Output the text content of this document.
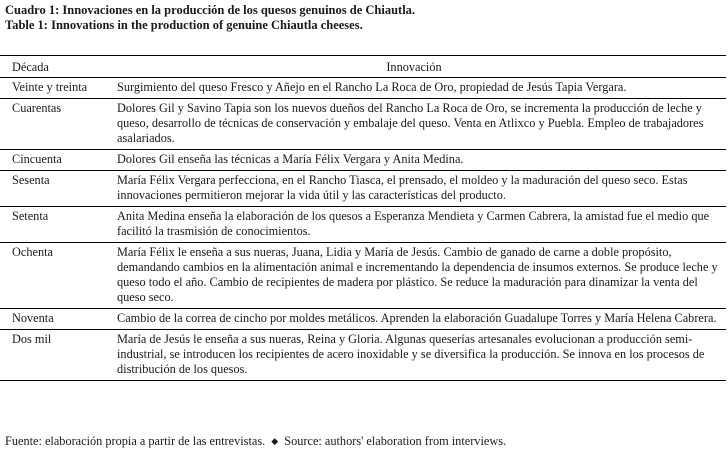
Cuadro 1: Innovaciones en la producción de los quesos genuinos de Chiautla.
Table 1: Innovations in the production of genuine Chiautla cheeses.
Década	Innovación
Veinte y treinta	Surgimiento del queso Fresco y Añejo en el Rancho La Roca de Oro, propiedad de Jesús Tapia Vergara.
Cuarentas	Dolores Gil y Savino Tapia son los nuevos dueños del Rancho La Roca de Oro, se incrementa la producción de leche y queso, desarrollo de técnicas de conservación y embalaje del queso. Venta en Atlixco y Puebla. Empleo de trabajadores asalariados.
Cincuenta	Dolores Gil enseña las técnicas a María Félix Vergara y Anita Medina.
Sesenta	María Félix Vergara perfecciona, en el Rancho Tiasca, el prensado, el moldeo y la maduración del queso seco. Estas innovaciones permitieron mejorar la vida útil y las características del producto.
Setenta	Anita Medina enseña la elaboración de los quesos a Esperanza Mendieta y Carmen Cabrera, la amistad fue el medio que facilitó la trasmisión de conocimientos.
Ochenta	María Félix le enseña a sus nueras, Juana, Lidia y María de Jesús. Cambio de ganado de carne a doble propósito, demandando cambios en la alimentación animal e incrementando la dependencia de insumos externos. Se produce leche y queso todo el año. Cambio de recipientes de madera por plástico. Se reduce la maduración para dinamizar la venta del queso seco.
Noventa	Cambio de la correa de cincho por moldes metálicos. Aprenden la elaboración Guadalupe Torres y María Helena Cabrera.
Dos mil	María de Jesús le enseña a sus nueras, Reina y Gloria. Algunas queserías artesanales evolucionan a producción semi-industrial, se introducen los recipientes de acero inoxidable y se diversifica la producción. Se innova en los procesos de distribución de los quesos.
Fuente: elaboración propia a partir de las entrevistas. ◆ Source: authors' elaboration from interviews.
